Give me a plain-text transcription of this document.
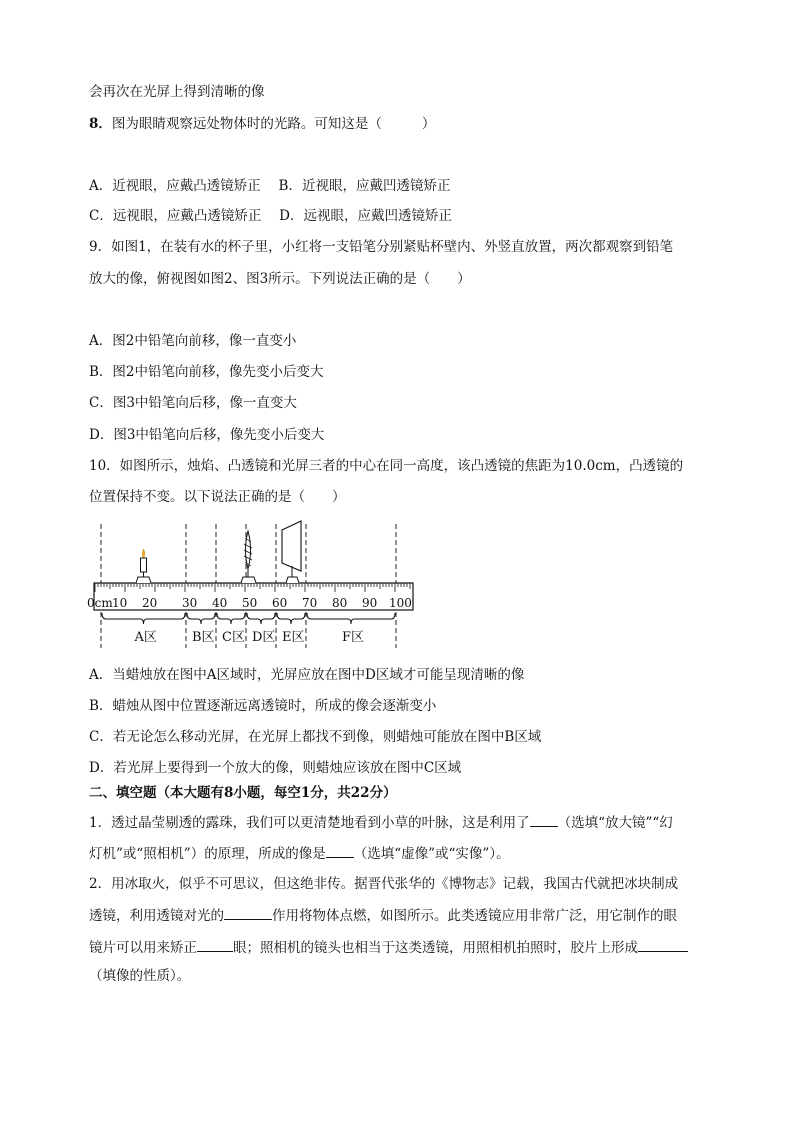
会再次在光屏上得到清晰的像
8．图为眼睛观察远处物体时的光路。可知这是（	）
A．近视眼，应戴凸透镜矫正　 B．近视眼，应戴凹透镜矫正
C．远视眼，应戴凸透镜矫正　 D．远视眼，应戴凹透镜矫正
9．如图1，在装有水的杯子里，小红将一支铅笔分别紧贴杯壁内、外竖直放置，两次都观察到铅笔
放大的像，俯视图如图2、图3所示。下列说法正确的是（　　）
A．图2中铅笔向前移，像一直变小
B．图2中铅笔向前移，像先变小后变大
C．图3中铅笔向后移，像一直变大
D．图3中铅笔向后移，像先变小后变大
10．如图所示，烛焰、凸透镜和光屏三者的中心在同一高度，该凸透镜的焦距为10.0cm，凸透镜的
位置保持不变。以下说法正确的是（　　）
0cm 10 20 30 40 50 60 70 80 90 100
A区	B区 C区 D区 E区	F区
A．当蜡烛放在图中A区域时，光屏应放在图中D区域才可能呈现清晰的像
B．蜡烛从图中位置逐渐远离透镜时，所成的像会逐渐变小
C．若无论怎么移动光屏，在光屏上都找不到像，则蜡烛可能放在图中B区域
D．若光屏上要得到一个放大的像，则蜡烛应该放在图中C区域
二、填空题（本大题有8小题，每空1分，共22分）
1．透过晶莹剔透的露珠，我们可以更清楚地看到小草的叶脉，这是利用了 （选填“放大镜”“幻
灯机”或“照相机”）的原理，所成的像是 （选填“虚像”或“实像”）。
2．用冰取火，似乎不可思议，但这绝非传。据晋代张华的《博物志》记载，我国古代就把冰块制成
透镜，利用透镜对光的	作用将物体点燃，如图所示。此类透镜应用非常广泛，用它制作的眼
镜片可以用来矫正	眼；照相机的镜头也相当于这类透镜，用照相机拍照时，胶片上形成
（填像的性质）。
